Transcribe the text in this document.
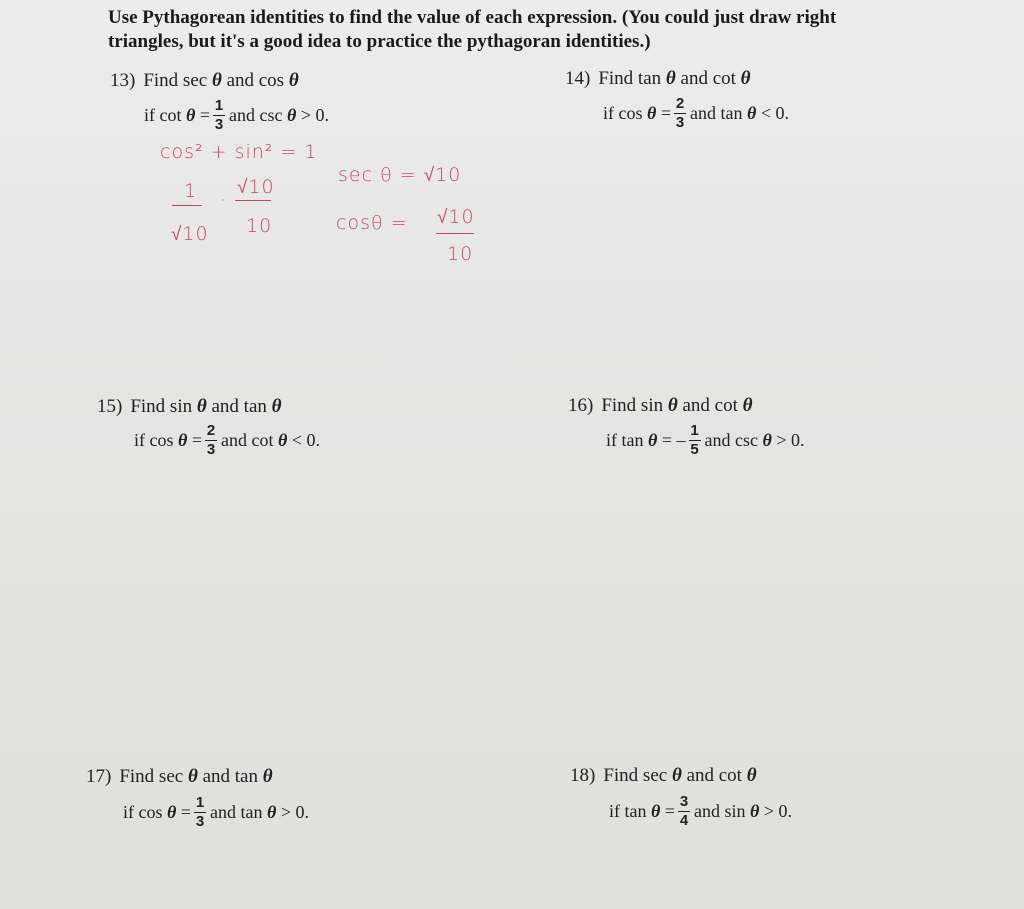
Use Pythagorean identities to find the value of each expression. (You could just draw right
triangles, but it's a good idea to practice the pythagoran identities.)
13) Find sec θ and cos θ
if cot
θ
= $\frac{1}{3}$ and csc
θ
> 0.
14) Find tan θ and cot θ
if cos
θ
= $\frac{2}{3}$ and tan
θ
< 0.
cos² + sin² = 1
1
√10
·
√10
10
sec θ = √10
cosθ = √10
10
15) Find sin θ and tan θ
if cos
θ
= $\frac{2}{3}$ and cot
θ
< 0.
16) Find sin θ and cot θ
if tan
θ
= – $\frac{1}{5}$ and csc
θ
> 0.
17) Find sec θ and tan θ
if cos
θ
= $\frac{1}{3}$ and tan
θ
> 0.
18) Find sec θ and cot θ
if tan
θ
= $\frac{3}{4}$ and sin
θ
> 0.
